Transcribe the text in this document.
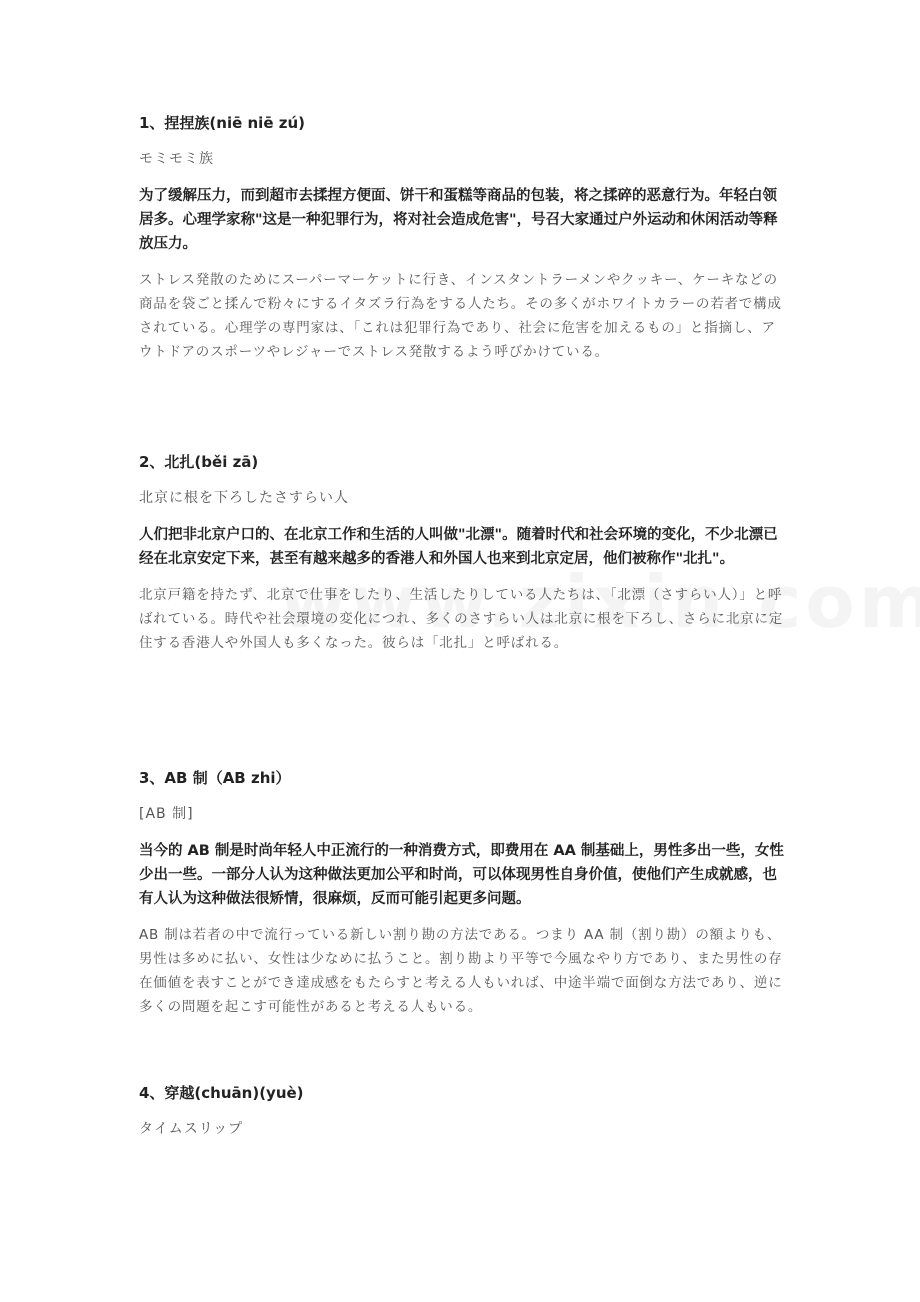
1、捏捏族(niē niē zú)

モミモミ族

为了缓解压力，而到超市去揉捏方便面、饼干和蛋糕等商品的包装，将之揉碎的恶意行为。年轻白领居多。心理学家称"这是一种犯罪行为，将对社会造成危害"，号召大家通过户外运动和休闲活动等释放压力。

ストレス発散のためにスーパーマーケットに行き、インスタントラーメンやクッキー、ケーキなどの商品を袋ごと揉んで粉々にするイタズラ行為をする人たち。その多くがホワイトカラーの若者で構成されている。心理学の専門家は、「これは犯罪行為であり、社会に危害を加えるもの」と指摘し、アウトドアのスポーツやレジャーでストレス発散するよう呼びかけている。

2、北扎(běi zā)

北京に根を下ろしたさすらい人

人们把非北京户口的、在北京工作和生活的人叫做"北漂"。随着时代和社会环境的变化，不少北漂已经在北京安定下来，甚至有越来越多的香港人和外国人也来到北京定居，他们被称作"北扎"。

北京戸籍を持たず、北京で仕事をしたり、生活したりしている人たちは、「北漂（さすらい人）」と呼ばれている。時代や社会環境の変化につれ、多くのさすらい人は北京に根を下ろし、さらに北京に定住する香港人や外国人も多くなった。彼らは「北扎」と呼ばれる。

3、AB 制（AB zhi）

[AB 制]

当今的 AB 制是时尚年轻人中正流行的一种消费方式，即费用在 AA 制基础上，男性多出一些，女性少出一些。一部分人认为这种做法更加公平和时尚，可以体现男性自身价值，使他们产生成就感，也有人认为这种做法很矫情，很麻烦，反而可能引起更多问题。

AB 制は若者の中で流行っている新しい割り勘の方法である。つまり AA 制（割り勘）の額よりも、男性は多めに払い、女性は少なめに払うこと。割り勘より平等で今風なやり方であり、また男性の存在価値を表すことができ達成感をもたらすと考える人もいれば、中途半端で面倒な方法であり、逆に多くの問題を起こす可能性があると考える人もいる。

4、穿越(chuān)(yuè)

タイムスリップ
